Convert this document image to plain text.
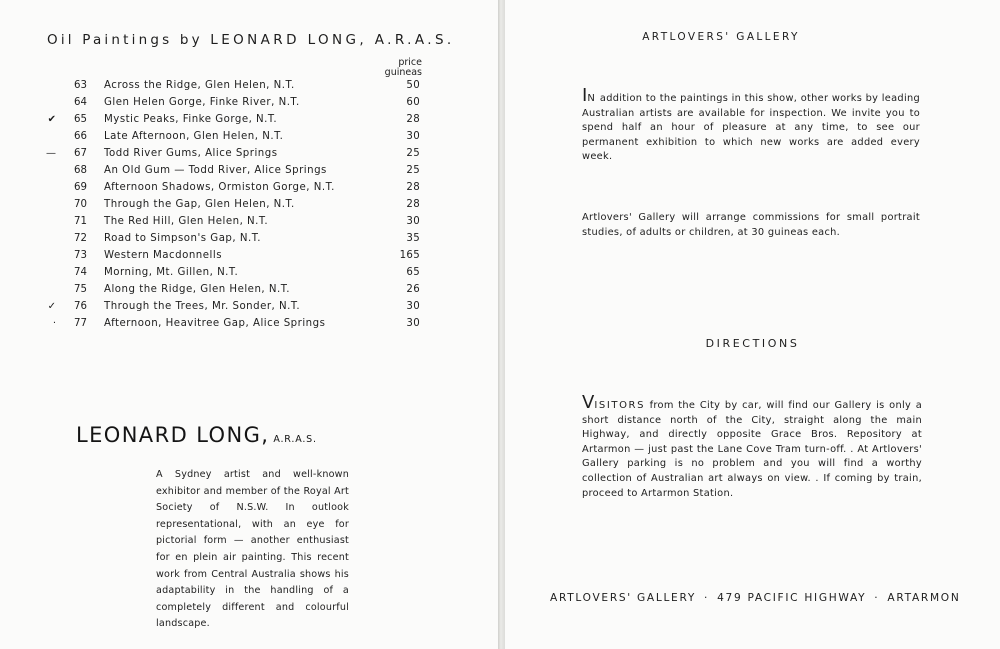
Oil Paintings by LEONARD LONG, A.R.A.S.
price
guineas
63	Across the Ridge, Glen Helen, N.T.	50
64	Glen Helen Gorge, Finke River, N.T.	60
✔ 65	Mystic Peaks, Finke Gorge, N.T.	28
66	Late Afternoon, Glen Helen, N.T.	30
— 67	Todd River Gums, Alice Springs	25
68	An Old Gum — Todd River, Alice Springs	25
69	Afternoon Shadows, Ormiston Gorge, N.T.	28
70	Through the Gap, Glen Helen, N.T.	28
71	The Red Hill, Glen Helen, N.T.	30
72	Road to Simpson's Gap, N.T.	35
73	Western Macdonnells	165
74	Morning, Mt. Gillen, N.T.	65
75	Along the Ridge, Glen Helen, N.T.	26
✓ 76	Through the Trees, Mr. Sonder, N.T.	30
· 77	Afternoon, Heavitree Gap, Alice Springs	30
LEONARD LONG, A.R.A.S.
A Sydney artist and well-known exhibitor and member of the Royal Art Society of N.S.W. In outlook representational, with an eye for pictorial form — another enthusiast for en plein air painting. This recent work from Central Australia shows his adaptability in the handling of a completely different and colourful landscape.
ARTLOVERS' GALLERY
IN addition to the paintings in this show, other works by leading Australian artists are available for inspection. We invite you to spend half an hour of pleasure at any time, to see our permanent exhibition to which new works are added every week.
Artlovers' Gallery will arrange commissions for small portrait studies, of adults or children, at 30 guineas each.
DIRECTIONS
VISITORS from the City by car, will find our Gallery is only a short distance north of the City, straight along the main Highway, and directly opposite Grace Bros. Repository at Artarmon — just past the Lane Cove Tram turn-off. . At Artlovers' Gallery parking is no problem and you will find a worthy collection of Australian art always on view. . If coming by train, proceed to Artarmon Station.
ARTLOVERS' GALLERY · 479 PACIFIC HIGHWAY · ARTARMON
